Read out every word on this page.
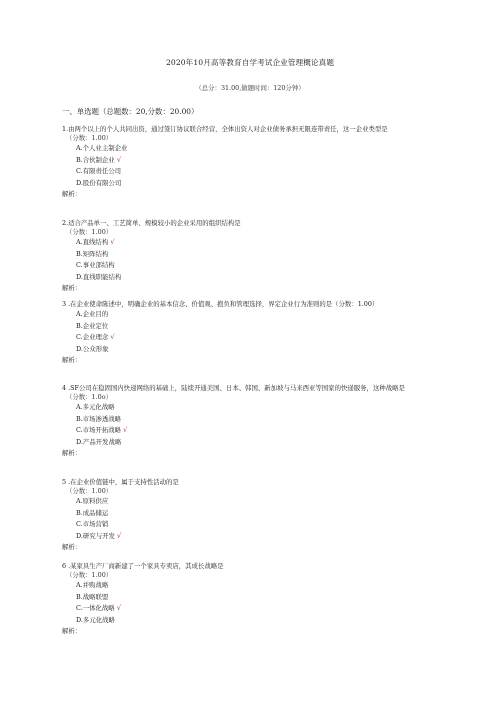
2020年10月高等教育自学考试企业管理概论真题
（总分：31.00,做题时间：120分钟）
一、单选题（总题数：20,分数：20.00）

1.由两个以上的个人共同出资，通过签订协议联合经营，全体出资人对企业债务承担无限连带责任，这一企业类型是

（分数：1.00）

A.个人业主制企业

B.合伙制企业 √

C.有限责任公司

D.股份有限公司

解析：

2.适合产品单一、工艺简单、规模较小的企业采用的组织结构是

（分数：1.00）

A.直线结构 √

B.矩阵结构

C.事业部结构

D.直线职能结构

解析：

3 .在企业使命陈述中，明确企业的基本信念、价值观、抱负和管理选择，界定企业行为准则的是（分数：1.00）

A.企业目的

B.企业定位

C.企业理念 √

D.公众形象

解析：

4 .SF公司在稳固国内快递网络的基础上，陆续开通美国、日本、韩国、新加坡与马来西亚等国家的快递服务，这种战略是

（分数：1.0o）

A.多元化战略

B.市场渗透战略

C.市场开拓战略 √

D.产品开发战略

解析：

5 .在企业价值链中，属于支持性活动的是

（分数：1.00）

A.原料供应

B.成品储运

C.市场营销

D.研究与开发 √

解析：

6 .某家具生产厂商新建了一个家具专卖店，其成长战略是

（分数：1.00）

A.并购战略

B.战略联盟

C.一体化战略 √

D.多元化战略

解析：
